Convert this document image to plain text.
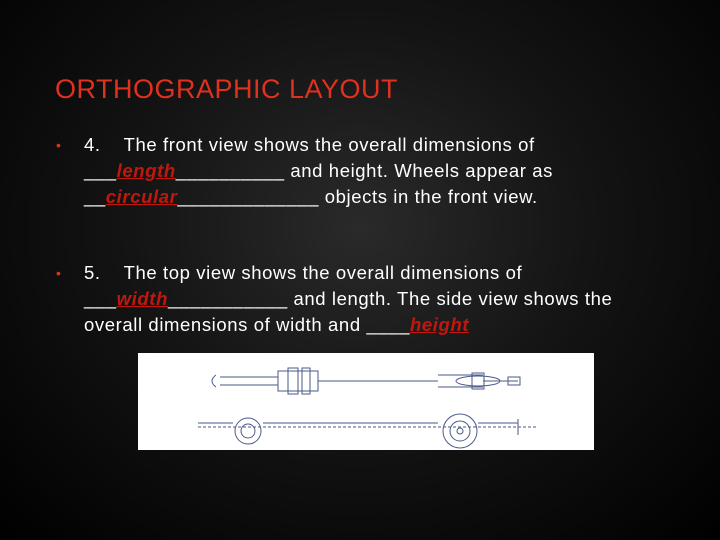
ORTHOGRAPHIC LAYOUT
• 4. The front view shows the overall dimensions of ___length__________ and height. Wheels appear as __circular_____________ objects in the front view.
• 5. The top view shows the overall dimensions of ___width___________ and length. The side view shows the overall dimensions of width and ____height
